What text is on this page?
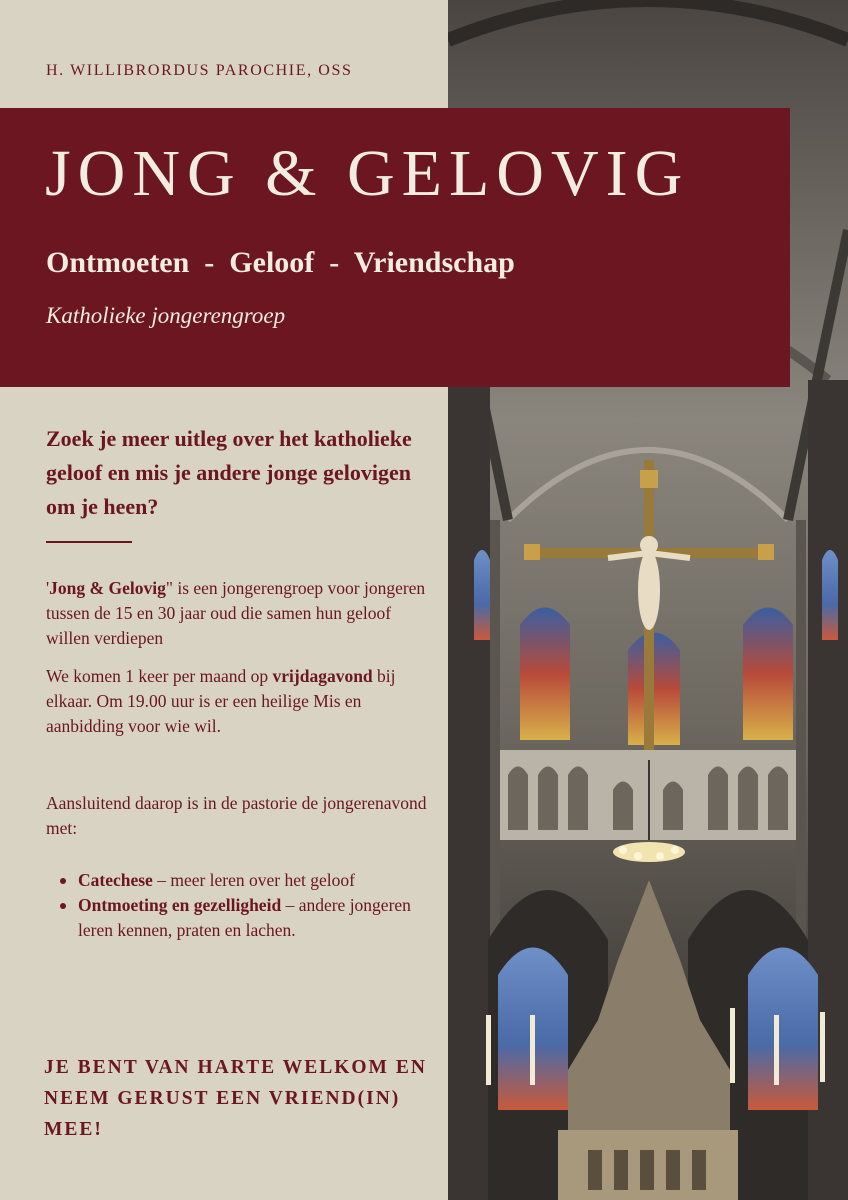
H. WILLIBRORDUS PAROCHIE, OSS
JONG & GELOVIG
Ontmoeten  -  Geloof  -  Vriendschap
Katholieke jongerengroep
Zoek je meer uitleg over het katholieke geloof en mis je andere jonge gelovigen om je heen?
'Jong & Gelovig" is een jongerengroep voor jongeren tussen de 15 en 30 jaar oud die samen hun geloof willen verdiepen
We komen 1 keer per maand op vrijdagavond bij elkaar. Om 19.00 uur is er een heilige Mis en aanbidding voor wie wil.
Aansluitend daarop is in de pastorie de jongerenavond met:
Catechese – meer leren over het geloof
Ontmoeting en gezelligheid – andere jongeren leren kennen, praten en lachen.
JE BENT VAN HARTE WELKOM EN NEEM GERUST EEN VRIEND(IN) MEE!
